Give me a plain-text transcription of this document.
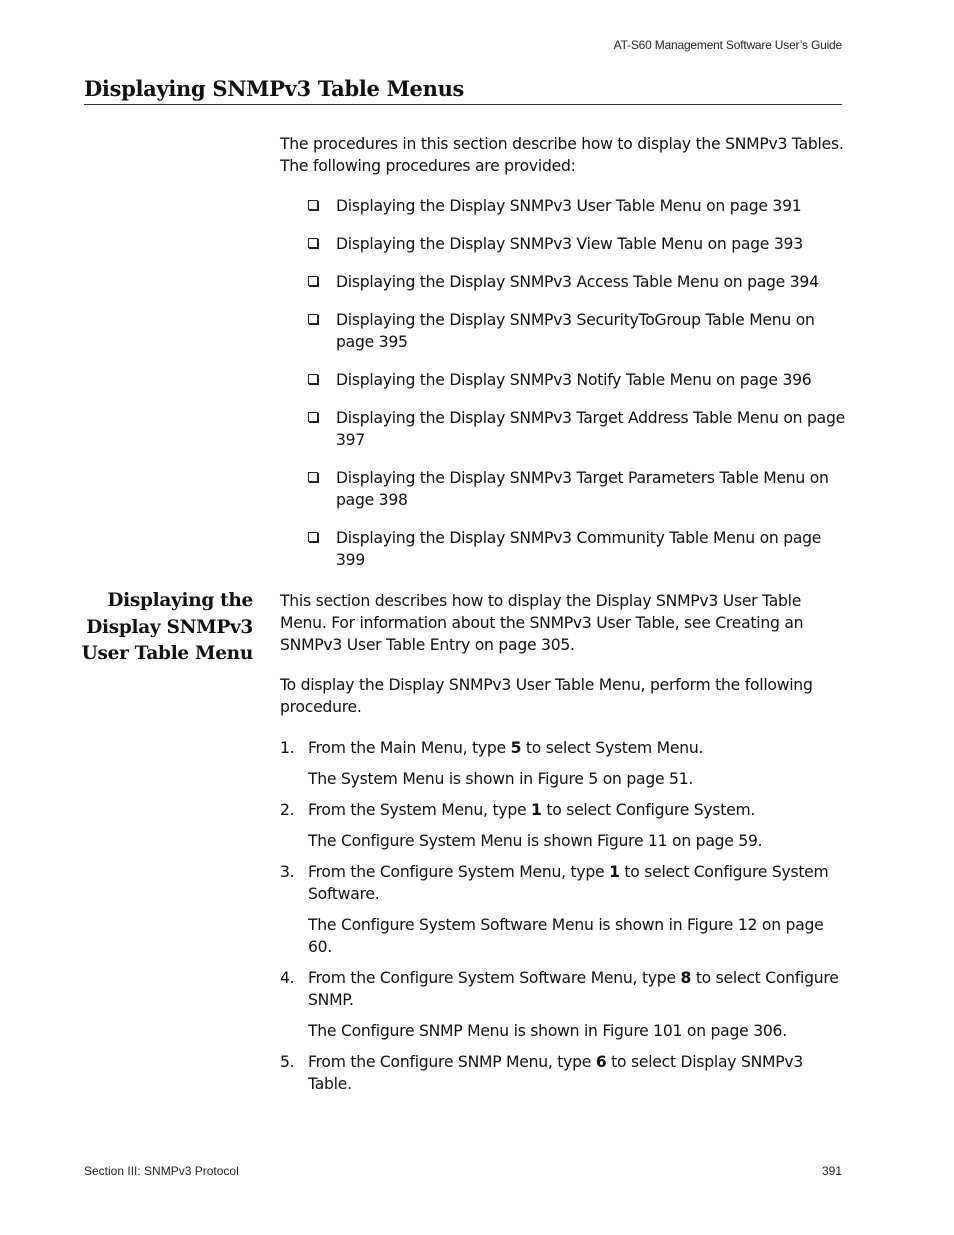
AT-S60 Management Software User’s Guide
Displaying SNMPv3 Table Menus

The procedures in this section describe how to display the SNMPv3 Tables. The following procedures are provided:

Displaying the Display SNMPv3 User Table Menu on page 391
Displaying the Display SNMPv3 View Table Menu on page 393
Displaying the Display SNMPv3 Access Table Menu on page 394
Displaying the Display SNMPv3 SecurityToGroup Table Menu on page 395
Displaying the Display SNMPv3 Notify Table Menu on page 396
Displaying the Display SNMPv3 Target Address Table Menu on page 397
Displaying the Display SNMPv3 Target Parameters Table Menu on page 398
Displaying the Display SNMPv3 Community Table Menu on page 399
Displaying the Display SNMPv3 User Table Menu

This section describes how to display the Display SNMPv3 User Table Menu. For information about the SNMPv3 User Table, see Creating an SNMPv3 User Table Entry on page 305.

To display the Display SNMPv3 User Table Menu, perform the following procedure.

1. From the Main Menu, type 5 to select System Menu.

The System Menu is shown in Figure 5 on page 51.

2. From the System Menu, type 1 to select Configure System.

The Configure System Menu is shown Figure 11 on page 59.

3. From the Configure System Menu, type 1 to select Configure System Software.

The Configure System Software Menu is shown in Figure 12 on page 60.

4. From the Configure System Software Menu, type 8 to select Configure SNMP.

The Configure SNMP Menu is shown in Figure 101 on page 306.

5. From the Configure SNMP Menu, type 6 to select Display SNMPv3 Table.

Section III: SNMPv3 Protocol	391
